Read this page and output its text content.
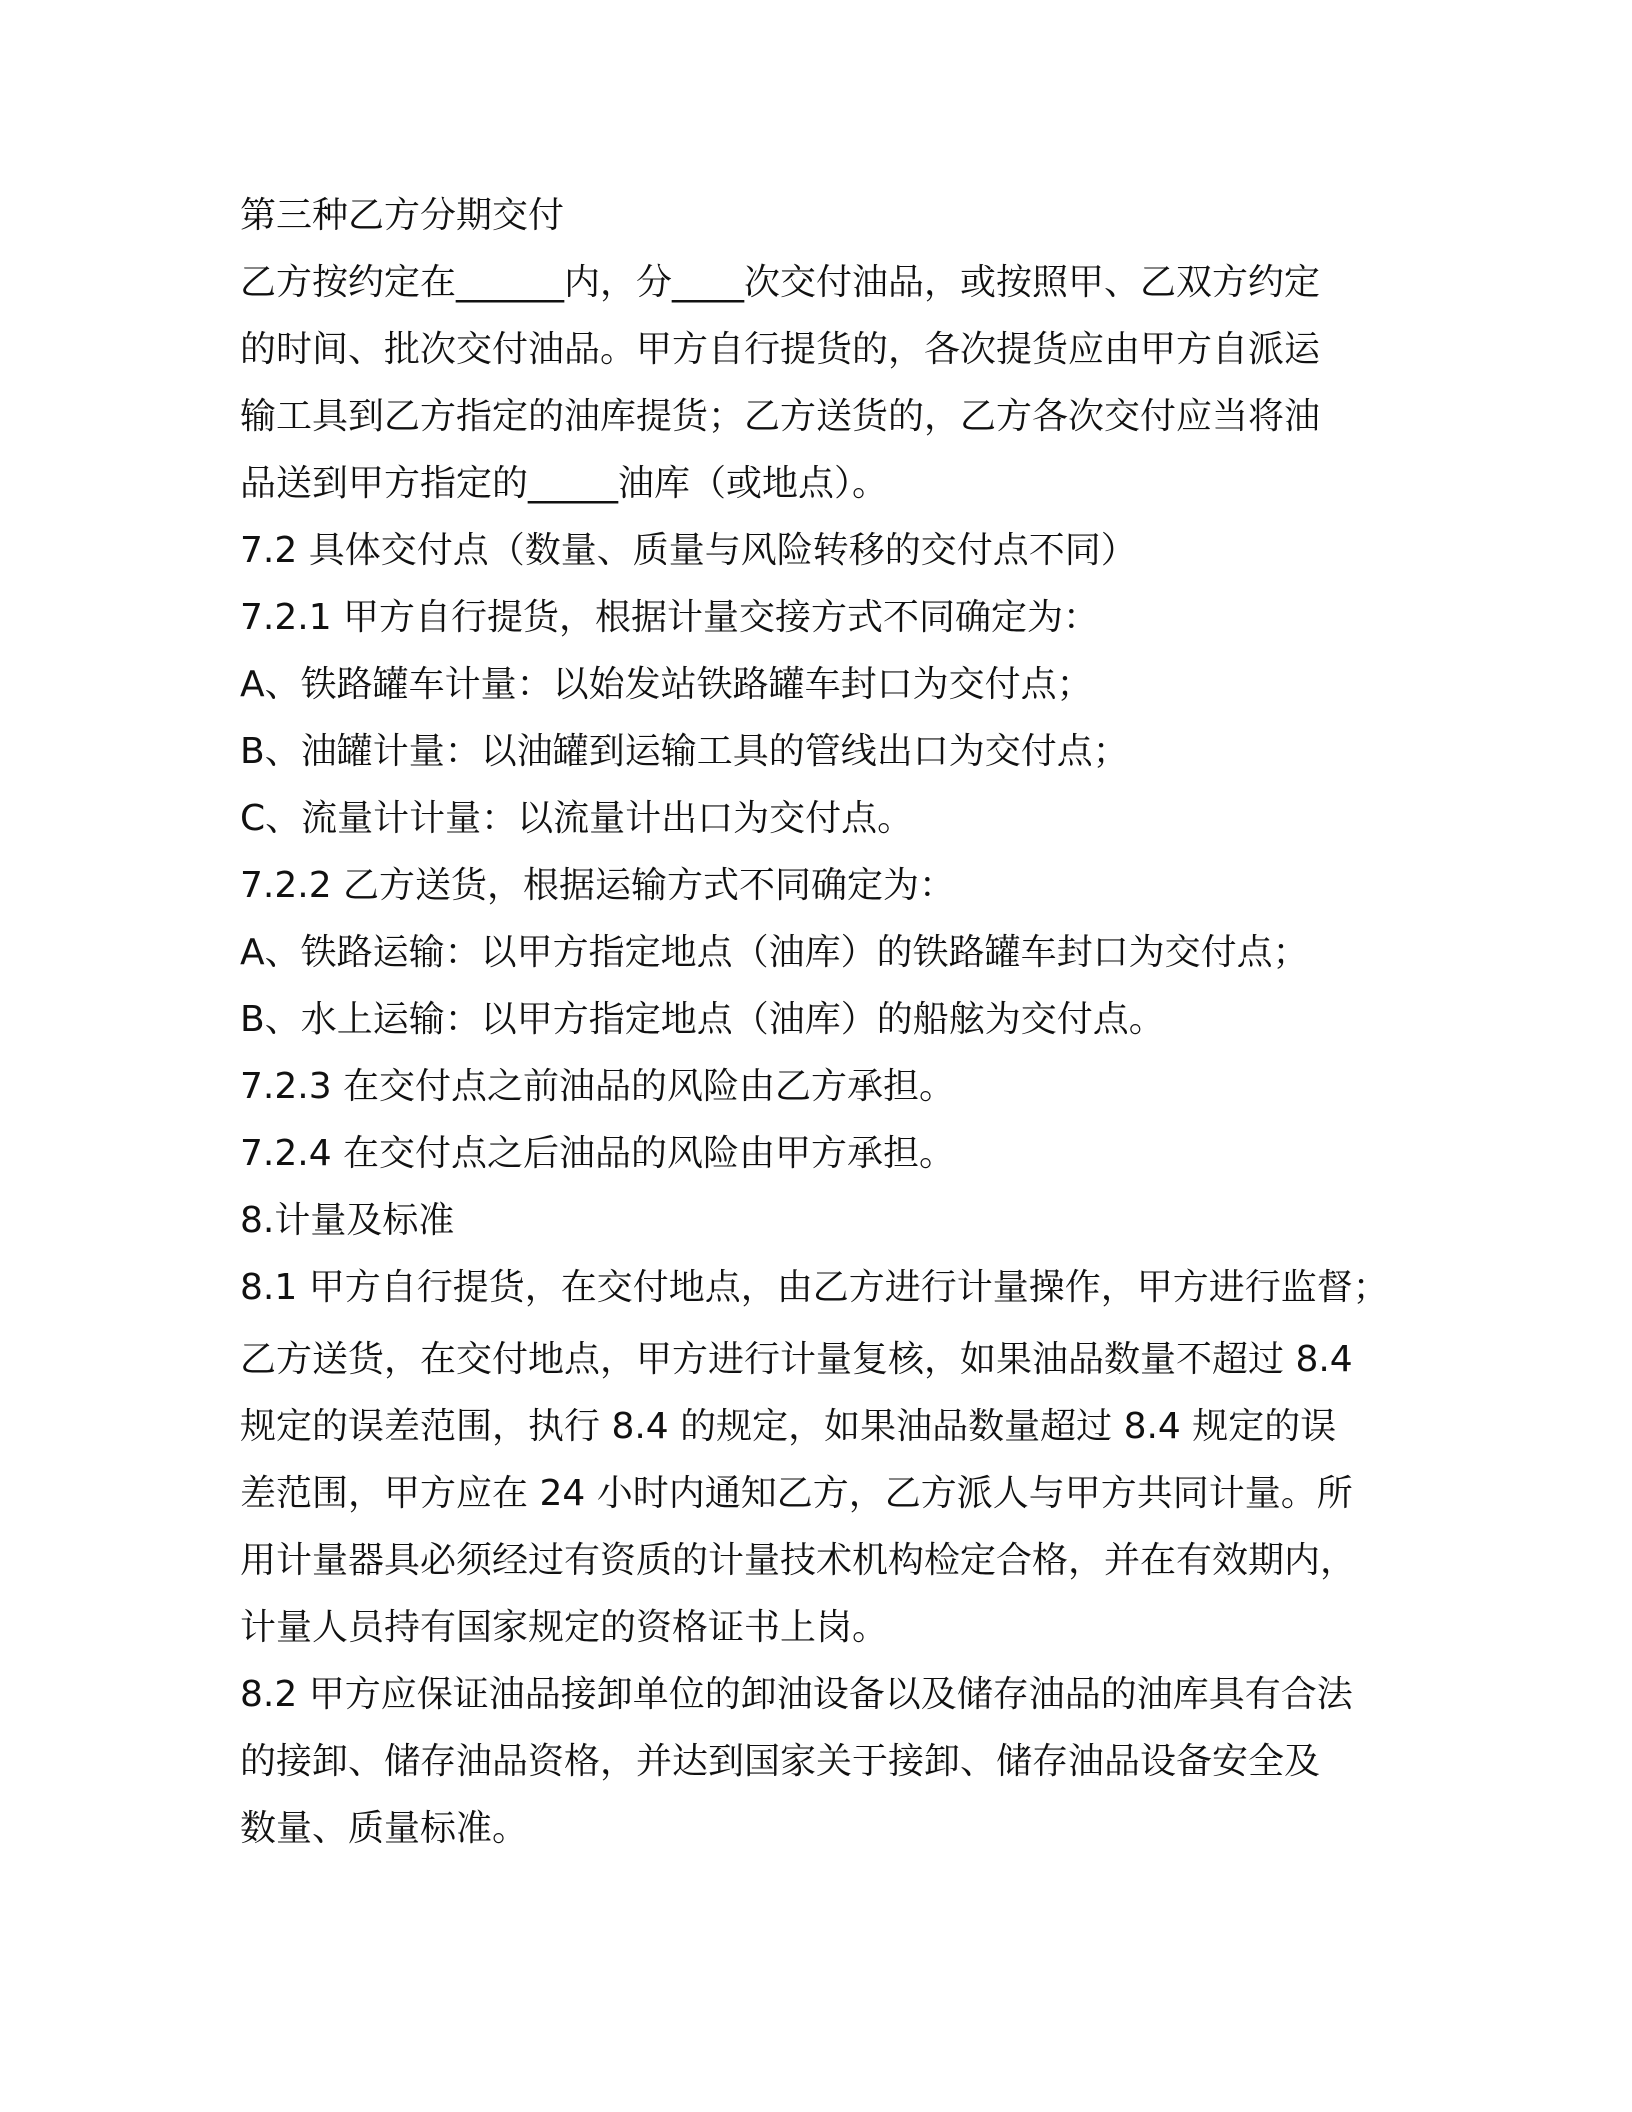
第三种乙方分期交付

乙方按约定在______内，分____次交付油品，或按照甲、乙双方约定

的时间、批次交付油品。甲方自行提货的，各次提货应由甲方自派运

输工具到乙方指定的油库提货；乙方送货的，乙方各次交付应当将油

品送到甲方指定的_____油库（或地点）。

7.2 具体交付点（数量、质量与风险转移的交付点不同）

7.2.1 甲方自行提货，根据计量交接方式不同确定为：

A、铁路罐车计量：以始发站铁路罐车封口为交付点；

B、油罐计量：以油罐到运输工具的管线出口为交付点；

C、流量计计量：以流量计出口为交付点。

7.2.2 乙方送货，根据运输方式不同确定为：

A、铁路运输：以甲方指定地点（油库）的铁路罐车封口为交付点；

B、水上运输：以甲方指定地点（油库）的船舷为交付点。

7.2.3 在交付点之前油品的风险由乙方承担。

7.2.4 在交付点之后油品的风险由甲方承担。

8.计量及标准

8.1 甲方自行提货，在交付地点，由乙方进行计量操作，甲方进行监督；

乙方送货，在交付地点，甲方进行计量复核，如果油品数量不超过 8.4

规定的误差范围，执行 8.4 的规定，如果油品数量超过 8.4 规定的误

差范围，甲方应在 24 小时内通知乙方，乙方派人与甲方共同计量。所

用计量器具必须经过有资质的计量技术机构检定合格，并在有效期内，

计量人员持有国家规定的资格证书上岗。

8.2 甲方应保证油品接卸单位的卸油设备以及储存油品的油库具有合法

的接卸、储存油品资格，并达到国家关于接卸、储存油品设备安全及

数量、质量标准。
